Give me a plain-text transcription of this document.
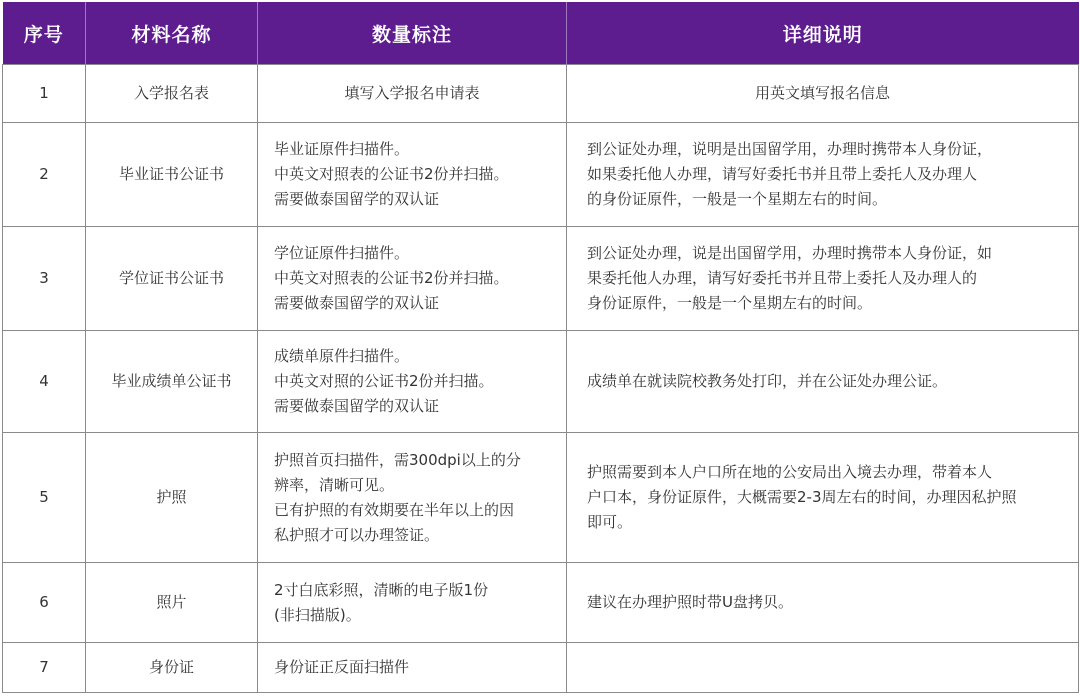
序号	材料名称	数量标注	详细说明
1	入学报名表	填写入学报名申请表	用英文填写报名信息

2	毕业证书公证书	毕业证原件扫描件。
中英文对照表的公证书2份并扫描。
需要做泰国留学的双认证	到公证处办理，说明是出国留学用，办理时携带本人身份证，
如果委托他人办理，请写好委托书并且带上委托人及办理人
的身份证原件，一般是一个星期左右的时间。

3	学位证书公证书	学位证原件扫描件。
中英文对照表的公证书2份并扫描。
需要做泰国留学的双认证	到公证处办理，说是出国留学用，办理时携带本人身份证，如
果委托他人办理，请写好委托书并且带上委托人及办理人的
身份证原件，一般是一个星期左右的时间。

4	毕业成绩单公证书	成绩单原件扫描件。
中英文对照的公证书2份并扫描。
需要做泰国留学的双认证	成绩单在就读院校教务处打印，并在公证处办理公证。

5	护照	护照首页扫描件，需300dpi以上的分
辨率，清晰可见。
已有护照的有效期要在半年以上的因
私护照才可以办理签证。	护照需要到本人户口所在地的公安局出入境去办理，带着本人
户口本，身份证原件，大概需要2-3周左右的时间，办理因私护照
即可。

6	照片	2寸白底彩照，清晰的电子版1份
(非扫描版)。	建议在办理护照时带U盘拷贝。

7	身份证	身份证正反面扫描件	
